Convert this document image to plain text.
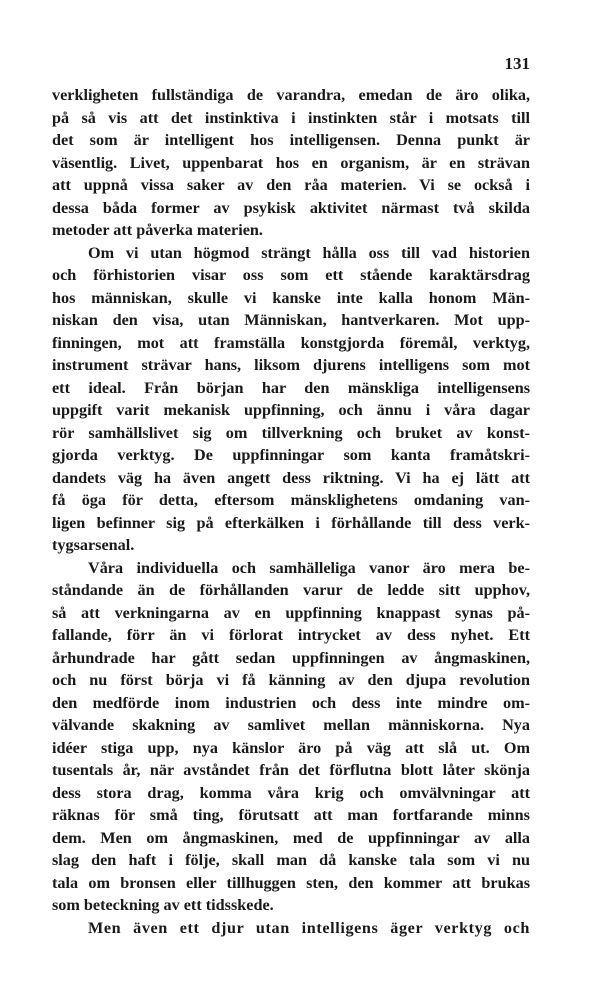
131
verkligheten fullständiga de varandra, emedan de äro olika,
på så vis att det instinktiva i instinkten står i motsats till
det som är intelligent hos intelligensen. Denna punkt är
väsentlig. Livet, uppenbarat hos en organism, är en strävan
att uppnå vissa saker av den råa materien. Vi se också i
dessa båda former av psykisk aktivitet närmast två skilda
metoder att påverka materien.
Om vi utan högmod strängt hålla oss till vad historien
och förhistorien visar oss som ett stående karaktärsdrag
hos människan, skulle vi kanske inte kalla honom Män-
niskan den visa, utan Människan, hantverkaren. Mot upp-
finningen, mot att framställa konstgjorda föremål, verktyg,
instrument strävar hans, liksom djurens intelligens som mot
ett ideal. Från början har den mänskliga intelligensens
uppgift varit mekanisk uppfinning, och ännu i våra dagar
rör samhällslivet sig om tillverkning och bruket av konst-
gjorda verktyg. De uppfinningar som kanta framåtskri-
dandets väg ha även angett dess riktning. Vi ha ej lätt att
få öga för detta, eftersom mänsklighetens omdaning van-
ligen befinner sig på efterkälken i förhållande till dess verk-
tygsarsenal.
Våra individuella och samhälleliga vanor äro mera be-
ståndande än de förhållanden varur de ledde sitt upphov,
så att verkningarna av en uppfinning knappast synas på-
fallande, förr än vi förlorat intrycket av dess nyhet. Ett
århundrade har gått sedan uppfinningen av ångmaskinen,
och nu först börja vi få känning av den djupa revolution
den medförde inom industrien och dess inte mindre om-
välvande skakning av samlivet mellan människorna. Nya
idéer stiga upp, nya känslor äro på väg att slå ut. Om
tusentals år, när avståndet från det förflutna blott låter skönja
dess stora drag, komma våra krig och omvälvningar att
räknas för små ting, förutsatt att man fortfarande minns
dem. Men om ångmaskinen, med de uppfinningar av alla
slag den haft i följe, skall man då kanske tala som vi nu
tala om bronsen eller tillhuggen sten, den kommer att brukas
som beteckning av ett tidsskede.
Men även ett djur utan intelligens äger verktyg och
